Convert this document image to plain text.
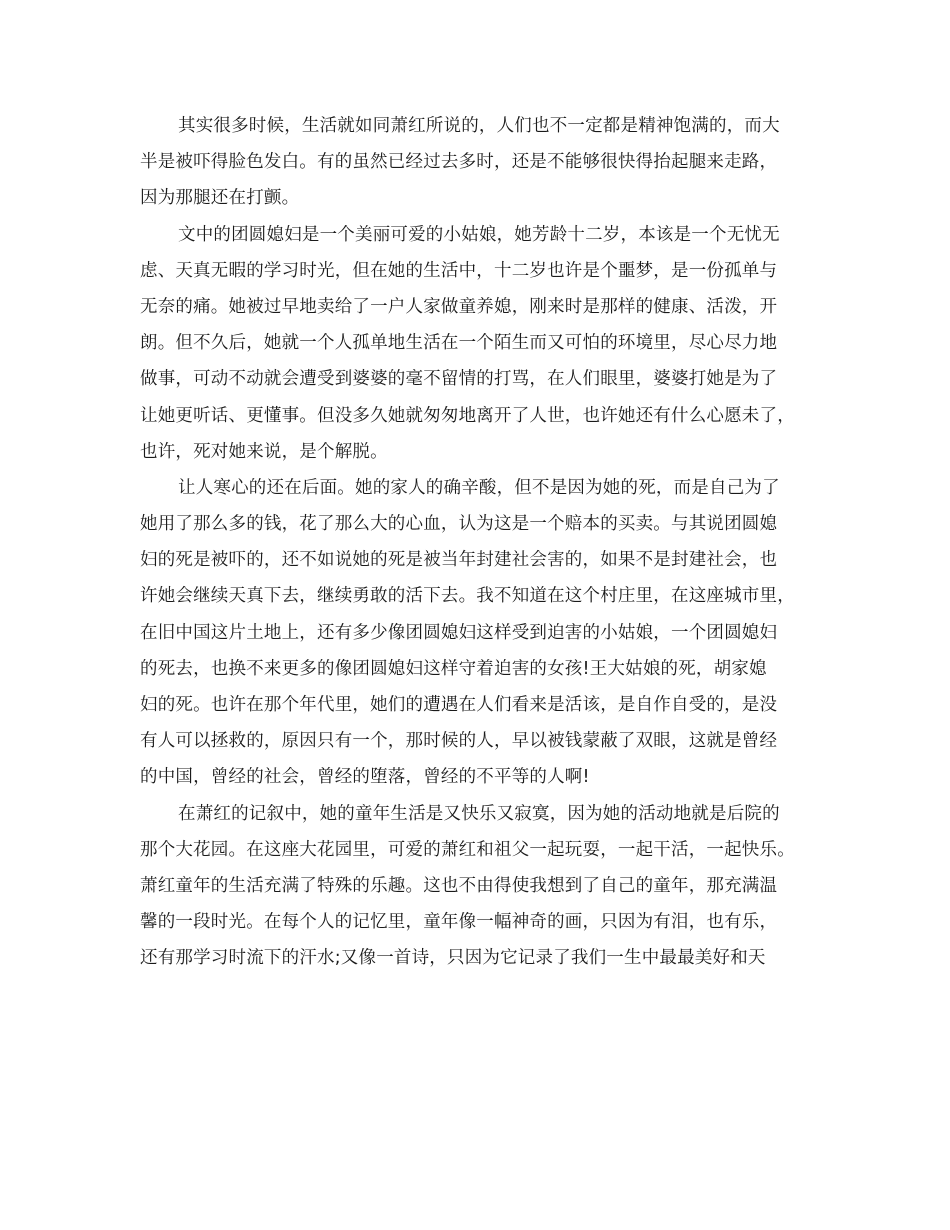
其实很多时候，生活就如同萧红所说的，人们也不一定都是精神饱满的，而大
半是被吓得脸色发白。有的虽然已经过去多时，还是不能够很快得抬起腿来走路，
因为那腿还在打颤。
文中的团圆媳妇是一个美丽可爱的小姑娘，她芳龄十二岁，本该是一个无忧无
虑、天真无暇的学习时光，但在她的生活中，十二岁也许是个噩梦，是一份孤单与
无奈的痛。她被过早地卖给了一户人家做童养媳，刚来时是那样的健康、活泼，开
朗。但不久后，她就一个人孤单地生活在一个陌生而又可怕的环境里，尽心尽力地
做事，可动不动就会遭受到婆婆的毫不留情的打骂，在人们眼里，婆婆打她是为了
让她更听话、更懂事。但没多久她就匆匆地离开了人世，也许她还有什么心愿未了，
也许，死对她来说，是个解脱。
让人寒心的还在后面。她的家人的确辛酸，但不是因为她的死，而是自己为了
她用了那么多的钱，花了那么大的心血，认为这是一个赔本的买卖。与其说团圆媳
妇的死是被吓的，还不如说她的死是被当年封建社会害的，如果不是封建社会，也
许她会继续天真下去，继续勇敢的活下去。我不知道在这个村庄里，在这座城市里，
在旧中国这片土地上，还有多少像团圆媳妇这样受到迫害的小姑娘，一个团圆媳妇
的死去，也换不来更多的像团圆媳妇这样守着迫害的女孩!王大姑娘的死，胡家媳
妇的死。也许在那个年代里，她们的遭遇在人们看来是活该，是自作自受的，是没
有人可以拯救的，原因只有一个，那时候的人，早以被钱蒙蔽了双眼，这就是曾经
的中国，曾经的社会，曾经的堕落，曾经的不平等的人啊!
在萧红的记叙中，她的童年生活是又快乐又寂寞，因为她的活动地就是后院的
那个大花园。在这座大花园里，可爱的萧红和祖父一起玩耍，一起干活，一起快乐。
萧红童年的生活充满了特殊的乐趣。这也不由得使我想到了自己的童年，那充满温
馨的一段时光。在每个人的记忆里，童年像一幅神奇的画，只因为有泪，也有乐，
还有那学习时流下的汗水;又像一首诗，只因为它记录了我们一生中最最美好和天
